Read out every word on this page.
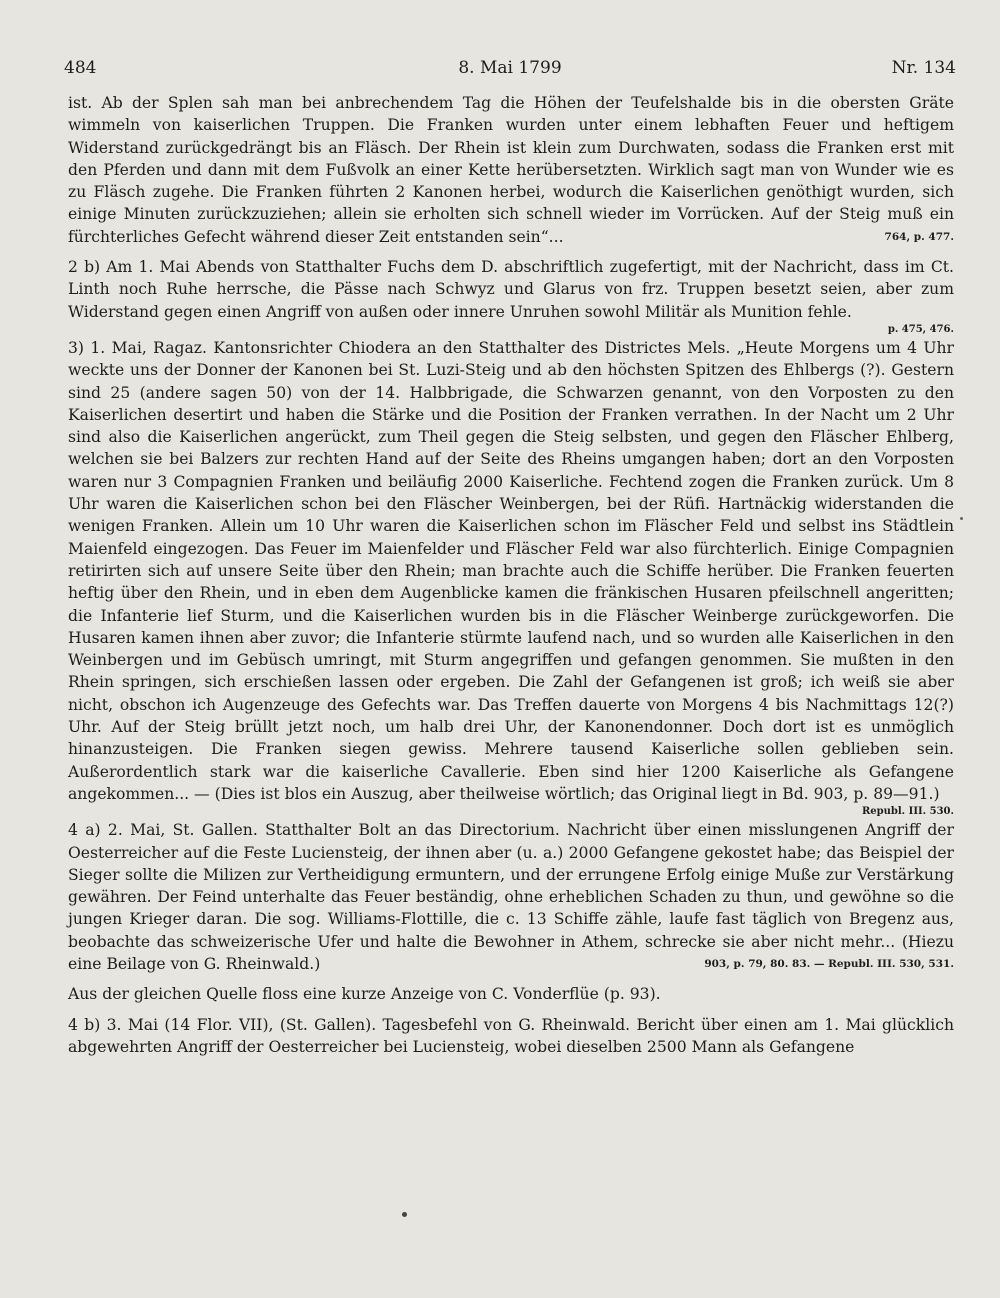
484	8. Mai 1799	Nr. 134
ist. Ab der Splen sah man bei anbrechendem Tag die Höhen der Teufelshalde bis in die obersten Gräte wimmeln von kaiserlichen Truppen. Die Franken wurden unter einem lebhaften Feuer und heftigem Widerstand zurückgedrängt bis an Fläsch. Der Rhein ist klein zum Durchwaten, sodass die Franken erst mit den Pferden und dann mit dem Fußvolk an einer Kette herübersetzten. Wirklich sagt man von Wunder wie es zu Fläsch zugehe. Die Franken führten 2 Kanonen herbei, wodurch die Kaiserlichen genöthigt wurden, sich einige Minuten zurückzuziehen; allein sie erholten sich schnell wieder im Vorrücken. Auf der Steig muß ein fürchterliches Gefecht während dieser Zeit entstanden sein“...	764, p. 477.
2 b) Am 1. Mai Abends von Statthalter Fuchs dem D. abschriftlich zugefertigt, mit der Nachricht, dass im Ct. Linth noch Ruhe herrsche, die Pässe nach Schwyz und Glarus von frz. Truppen besetzt seien, aber zum Widerstand gegen einen Angriff von außen oder innere Unruhen sowohl Militär als Munition fehle.
p. 475, 476.
3) 1. Mai, Ragaz. Kantonsrichter Chiodera an den Statthalter des Districtes Mels. „Heute Morgens um 4 Uhr weckte uns der Donner der Kanonen bei St. Luzi-Steig und ab den höchsten Spitzen des Ehlbergs (?). Gestern sind 25 (andere sagen 50) von der 14. Halbbrigade, die Schwarzen genannt, von den Vorposten zu den Kaiserlichen desertirt und haben die Stärke und die Position der Franken verrathen. In der Nacht um 2 Uhr sind also die Kaiserlichen angerückt, zum Theil gegen die Steig selbsten, und gegen den Fläscher Ehlberg, welchen sie bei Balzers zur rechten Hand auf der Seite des Rheins umgangen haben; dort an den Vorposten waren nur 3 Compagnien Franken und beiläufig 2000 Kaiserliche. Fechtend zogen die Franken zurück. Um 8 Uhr waren die Kaiserlichen schon bei den Fläscher Weinbergen, bei der Rüfi. Hartnäckig widerstanden die wenigen Franken. Allein um 10 Uhr waren die Kaiserlichen schon im Fläscher Feld und selbst ins Städtlein Maienfeld eingezogen. Das Feuer im Maienfelder und Fläscher Feld war also fürchterlich. Einige Compagnien retirirten sich auf unsere Seite über den Rhein; man brachte auch die Schiffe herüber. Die Franken feuerten heftig über den Rhein, und in eben dem Augenblicke kamen die fränkischen Husaren pfeilschnell angeritten; die Infanterie lief Sturm, und die Kaiserlichen wurden bis in die Fläscher Weinberge zurückgeworfen. Die Husaren kamen ihnen aber zuvor; die Infanterie stürmte laufend nach, und so wurden alle Kaiserlichen in den Weinbergen und im Gebüsch umringt, mit Sturm angegriffen und gefangen genommen. Sie mußten in den Rhein springen, sich erschießen lassen oder ergeben. Die Zahl der Gefangenen ist groß; ich weiß sie aber nicht, obschon ich Augenzeuge des Gefechts war. Das Treffen dauerte von Morgens 4 bis Nachmittags 12(?) Uhr. Auf der Steig brüllt jetzt noch, um halb drei Uhr, der Kanonendonner. Doch dort ist es unmöglich hinanzusteigen. Die Franken siegen gewiss. Mehrere tausend Kaiserliche sollen geblieben sein. Außerordentlich stark war die kaiserliche Cavallerie. Eben sind hier 1200 Kaiserliche als Gefangene angekommen... — (Dies ist blos ein Auszug, aber theilweise wörtlich; das Original liegt in Bd. 903, p. 89—91.)
Republ. III. 530.
4 a) 2. Mai, St. Gallen. Statthalter Bolt an das Directorium. Nachricht über einen misslungenen Angriff der Oesterreicher auf die Feste Luciensteig, der ihnen aber (u. a.) 2000 Gefangene gekostet habe; das Beispiel der Sieger sollte die Milizen zur Vertheidigung ermuntern, und der errungene Erfolg einige Muße zur Verstärkung gewähren. Der Feind unterhalte das Feuer beständig, ohne erheblichen Schaden zu thun, und gewöhne so die jungen Krieger daran. Die sog. Williams-Flottille, die c. 13 Schiffe zähle, laufe fast täglich von Bregenz aus, beobachte das schweizerische Ufer und halte die Bewohner in Athem, schrecke sie aber nicht mehr... (Hiezu eine Beilage von G. Rheinwald.)	903, p. 79, 80. 83. — Republ. III. 530, 531.
Aus der gleichen Quelle floss eine kurze Anzeige von C. Vonderflüe (p. 93).
4 b) 3. Mai (14 Flor. VII), (St. Gallen). Tagesbefehl von G. Rheinwald. Bericht über einen am 1. Mai glücklich abgewehrten Angriff der Oesterreicher bei Luciensteig, wobei dieselben 2500 Mann als Gefangene
